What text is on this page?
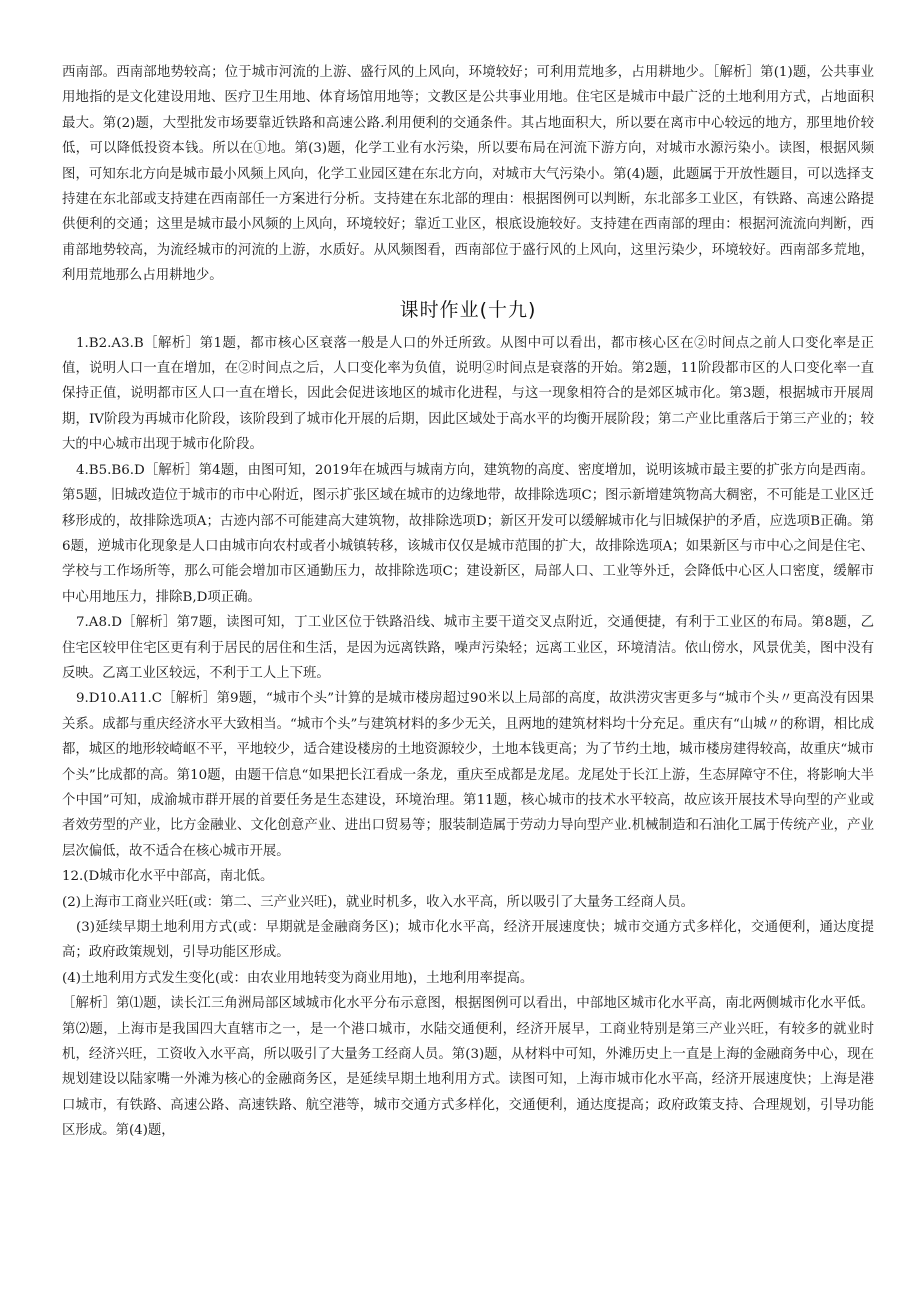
西南部。西南部地势较高；位于城市河流的上游、盛行风的上风向，环境较好；可利用荒地多，占用耕地少。［解析］第(1)题，公共事业用地指的是文化建设用地、医疗卫生用地、体育场馆用地等；文教区是公共事业用地。住宅区是城市中最广泛的土地利用方式，占地面积最大。第(2)题，大型批发市场要靠近铁路和高速公路.利用便利的交通条件。其占地面积大，所以要在离市中心较远的地方，那里地价较低，可以降低投资本钱。所以在①地。第(3)题，化学工业有水污染，所以要布局在河流下游方向，对城市水源污染小。读图，根据风频图，可知东北方向是城市最小风频上风向，化学工业园区建在东北方向，对城市大气污染小。第(4)题，此题属于开放性题目，可以选择支持建在东北部或支持建在西南部任一方案进行分析。支持建在东北部的理由：根据图例可以判断，东北部多工业区，有铁路、高速公路提供便利的交通；这里是城市最小风频的上风向，环境较好；靠近工业区，根底设施较好。支持建在西南部的理由：根据河流流向判断，西甫部地势较高，为流经城市的河流的上游，水质好。从风频图看，西南部位于盛行风的上风向，这里污染少，环境较好。西南部多荒地，利用荒地那么占用耕地少。

课时作业(十九)

1.B2.A3.B［解析］第1题，都市核心区衰落一般是人口的外迁所致。从图中可以看出，都市核心区在②时间点之前人口变化率是正值，说明人口一直在增加，在②时间点之后，人口变化率为负值，说明②时间点是衰落的开始。第2题，11阶段都市区的人口变化率一直保持正值，说明都市区人口一直在增长，因此会促进该地区的城市化进程，与这一现象相符合的是郊区城市化。第3题，根据城市开展周期，IV阶段为再城市化阶段，该阶段到了城市化开展的后期，因此区域处于高水平的均衡开展阶段；第二产业比重落后于第三产业的；较大的中心城市出现于城市化阶段。

4.B5.B6.D［解析］第4题，由图可知，2019年在城西与城南方向，建筑物的高度、密度增加，说明该城市最主要的扩张方向是西南。第5题，旧城改造位于城市的市中心附近，图示扩张区域在城市的边缘地带，故排除选项C；图示新增建筑物高大稠密，不可能是工业区迁移形成的，故排除选项A；古迹内部不可能建高大建筑物，故排除选项D；新区开发可以缓解城市化与旧城保护的矛盾，应选项B正确。第6题，逆城市化现象是人口由城市向农村或者小城镇转移，该城市仅仅是城市范围的扩大，故排除选项A；如果新区与市中心之间是住宅、学校与工作场所等，那么可能会增加市区通勤压力，故排除选项C；建设新区，局部人口、工业等外迁，会降低中心区人口密度，缓解市中心用地压力，排除B,D项正确。

7.A8.D［解析］第7题，读图可知，丁工业区位于铁路沿线、城市主要干道交叉点附近，交通便捷，有利于工业区的布局。第8题，乙住宅区较甲住宅区更有利于居民的居住和生活，是因为远离铁路，噪声污染轻；远离工业区，环境清洁。依山傍水，风景优美，图中没有反映。乙离工业区较远，不利于工人上下班。

9.D10.Α11.C［解析］第9题，“城市个头”计算的是城市楼房超过90米以上局部的高度，故洪涝灾害更多与“城市个头〃更高没有因果关系。成都与重庆经济水平大致相当。“城市个头”与建筑材料的多少无关，且两地的建筑材料均十分充足。重庆有“山城〃的称谓，相比成都，城区的地形较崎岖不平，平地较少，适合建设楼房的土地资源较少，土地本钱更高；为了节约土地，城市楼房建得较高，故重庆“城市个头”比成都的高。第10题，由题干信息“如果把长江看成一条龙，重庆至成都是龙尾。龙尾处于长江上游，生态屏障守不住，将影响大半个中国”可知，成渝城市群开展的首要任务是生态建设，环境治理。第11题，核心城市的技术水平较高，故应该开展技术导向型的产业或者效劳型的产业，比方金融业、文化创意产业、进出口贸易等；服装制造属于劳动力导向型产业.机械制造和石油化工属于传统产业，产业层次偏低，故不适合在核心城市开展。

12.(D城市化水平中部高，南北低。

(2)上海市工商业兴旺(或：第二、三产业兴旺)，就业时机多，收入水平高，所以吸引了大量务工经商人员。

(3)延续早期土地利用方式(或：早期就是金融商务区)；城市化水平高，经济开展速度快；城市交通方式多样化，交通便利，通达度提高；政府政策规划，引导功能区形成。

(4)土地利用方式发生变化(或：由农业用地转变为商业用地)，土地利用率提高。

［解析］第⑴题，读长江三角洲局部区域城市化水平分布示意图，根据图例可以看出，中部地区城市化水平高，南北两侧城市化水平低。第⑵题，上海市是我国四大直辖市之一，是一个港口城市，水陆交通便利，经济开展早，工商业特别是第三产业兴旺，有较多的就业时机，经济兴旺，工资收入水平高，所以吸引了大量务工经商人员。第(3)题，从材料中可知，外滩历史上一直是上海的金融商务中心，现在规划建设以陆家嘴一外滩为核心的金融商务区，是延续早期土地利用方式。读图可知，上海市城市化水平高，经济开展速度快；上海是港口城市，有铁路、高速公路、高速铁路、航空港等，城市交通方式多样化，交通便利，通达度提高；政府政策支持、合理规划，引导功能区形成。第(4)题，
